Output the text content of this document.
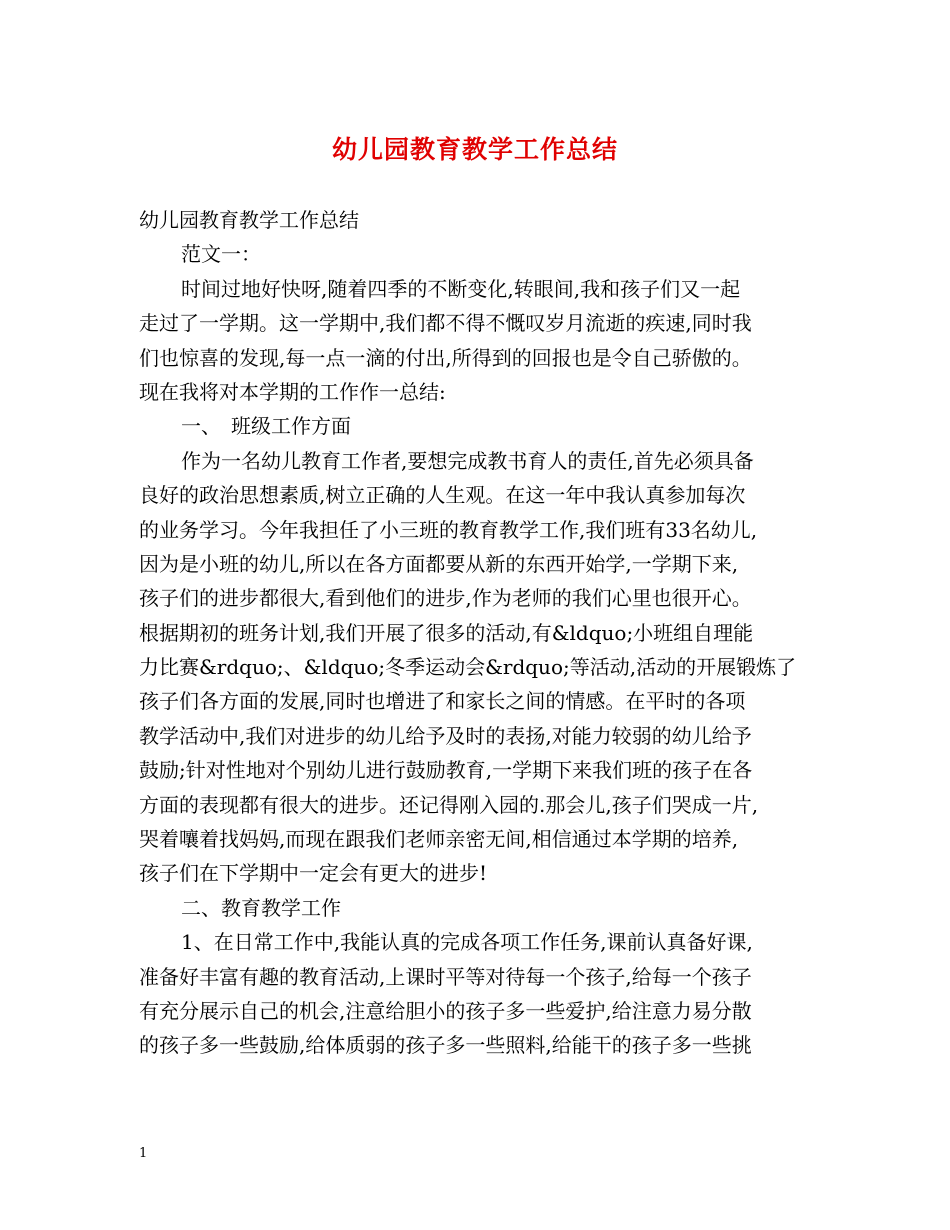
幼儿园教育教学工作总结
幼儿园教育教学工作总结
范文一：
时间过地好快呀,随着四季的不断变化,转眼间,我和孩子们又一起
走过了一学期。这一学期中,我们都不得不慨叹岁月流逝的疾速,同时我
们也惊喜的发现,每一点一滴的付出,所得到的回报也是令自己骄傲的。
现在我将对本学期的工作作一总结:
一、　班级工作方面
作为一名幼儿教育工作者,要想完成教书育人的责任,首先必须具备
良好的政治思想素质,树立正确的人生观。在这一年中我认真参加每次
的业务学习。今年我担任了小三班的教育教学工作,我们班有33名幼儿,
因为是小班的幼儿,所以在各方面都要从新的东西开始学,一学期下来,
孩子们的进步都很大,看到他们的进步,作为老师的我们心里也很开心。
根据期初的班务计划,我们开展了很多的活动,有&ldquo;小班组自理能
力比赛&rdquo;、&ldquo;冬季运动会&rdquo;等活动,活动的开展锻炼了
孩子们各方面的发展,同时也增进了和家长之间的情感。在平时的各项
教学活动中,我们对进步的幼儿给予及时的表扬,对能力较弱的幼儿给予
鼓励;针对性地对个别幼儿进行鼓励教育,一学期下来我们班的孩子在各
方面的表现都有很大的进步。还记得刚入园的.那会儿,孩子们哭成一片,
哭着嚷着找妈妈,而现在跟我们老师亲密无间,相信通过本学期的培养,
孩子们在下学期中一定会有更大的进步!
二、教育教学工作
1、在日常工作中,我能认真的完成各项工作任务,课前认真备好课,
准备好丰富有趣的教育活动,上课时平等对待每一个孩子,给每一个孩子
有充分展示自己的机会,注意给胆小的孩子多一些爱护,给注意力易分散
的孩子多一些鼓励,给体质弱的孩子多一些照料,给能干的孩子多一些挑
1
